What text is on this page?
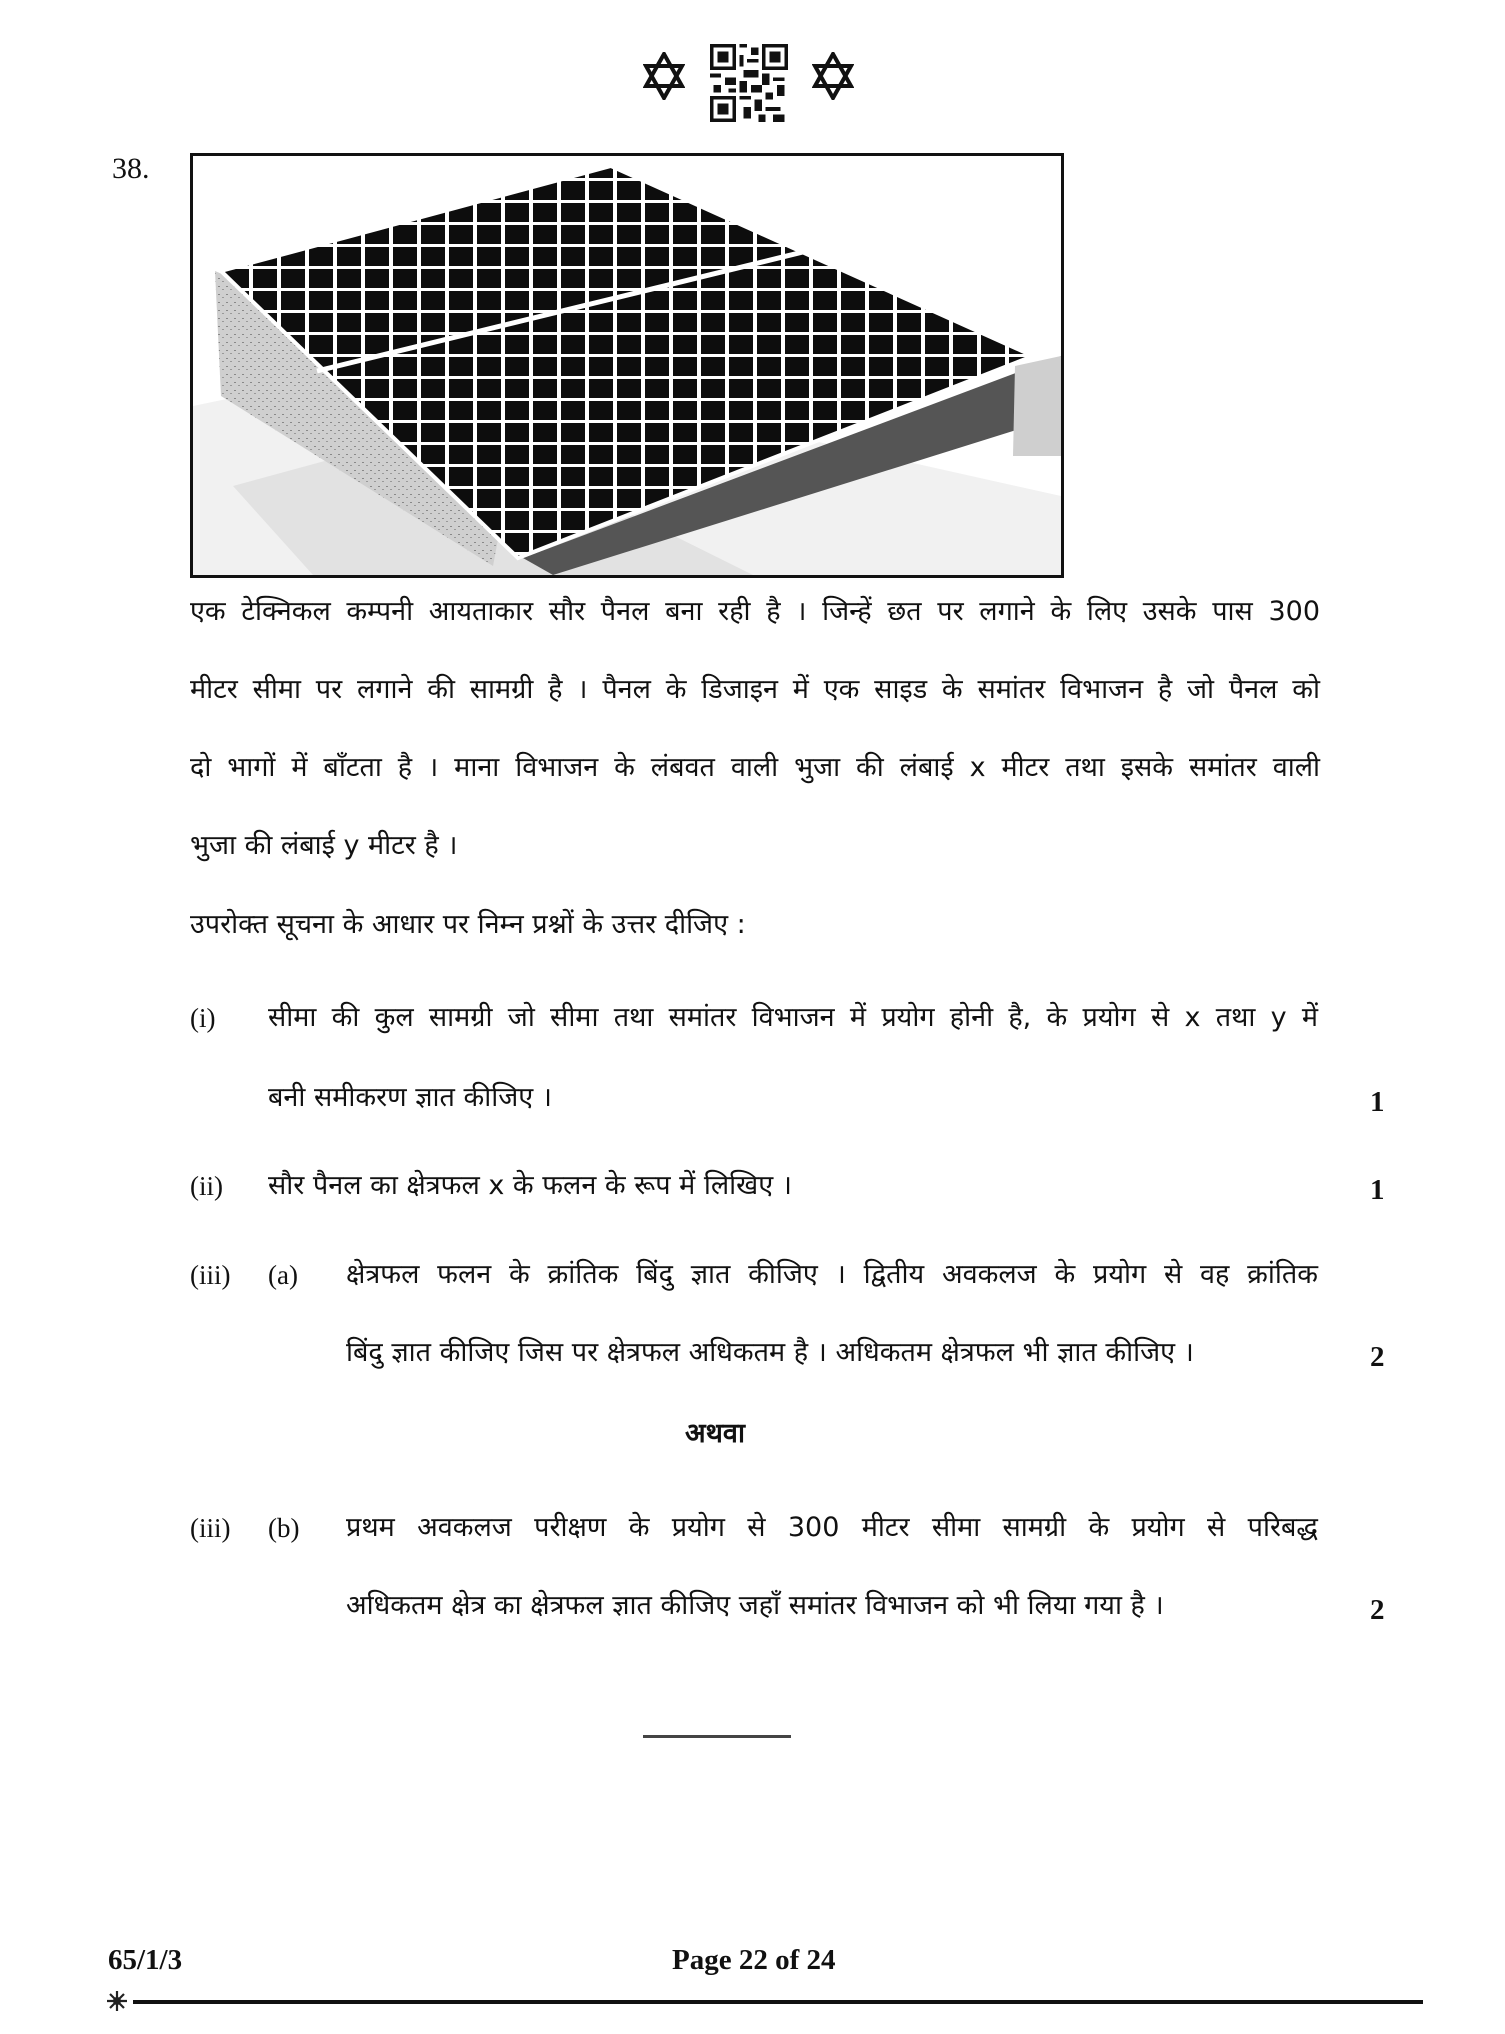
38.
एक टेक्निकल कम्पनी आयताकार सौर पैनल बना रही है । जिन्हें छत पर लगाने के लिए उसके पास 300
मीटर सीमा पर लगाने की सामग्री है । पैनल के डिजाइन में एक साइड के समांतर विभाजन है जो पैनल को
दो भागों में बाँटता है । माना विभाजन के लंबवत वाली भुजा की लंबाई x मीटर तथा इसके समांतर वाली
भुजा की लंबाई y मीटर है ।
उपरोक्त सूचना के आधार पर निम्न प्रश्नों के उत्तर दीजिए :
(i) सीमा की कुल सामग्री जो सीमा तथा समांतर विभाजन में प्रयोग होनी है, के प्रयोग से x तथा y में
बनी समीकरण ज्ञात कीजिए ।	1
(ii) सौर पैनल का क्षेत्रफल x के फलन के रूप में लिखिए ।	1
(iii) (a) क्षेत्रफल फलन के क्रांतिक बिंदु ज्ञात कीजिए । द्वितीय अवकलज के प्रयोग से वह क्रांतिक
बिंदु ज्ञात कीजिए जिस पर क्षेत्रफल अधिकतम है । अधिकतम क्षेत्रफल भी ज्ञात कीजिए ।	2
अथवा
(iii) (b) प्रथम अवकलज परीक्षण के प्रयोग से 300 मीटर सीमा सामग्री के प्रयोग से परिबद्ध
अधिकतम क्षेत्र का क्षेत्रफल ज्ञात कीजिए जहाँ समांतर विभाजन को भी लिया गया है ।	2
65/1/3	Page 22 of 24
